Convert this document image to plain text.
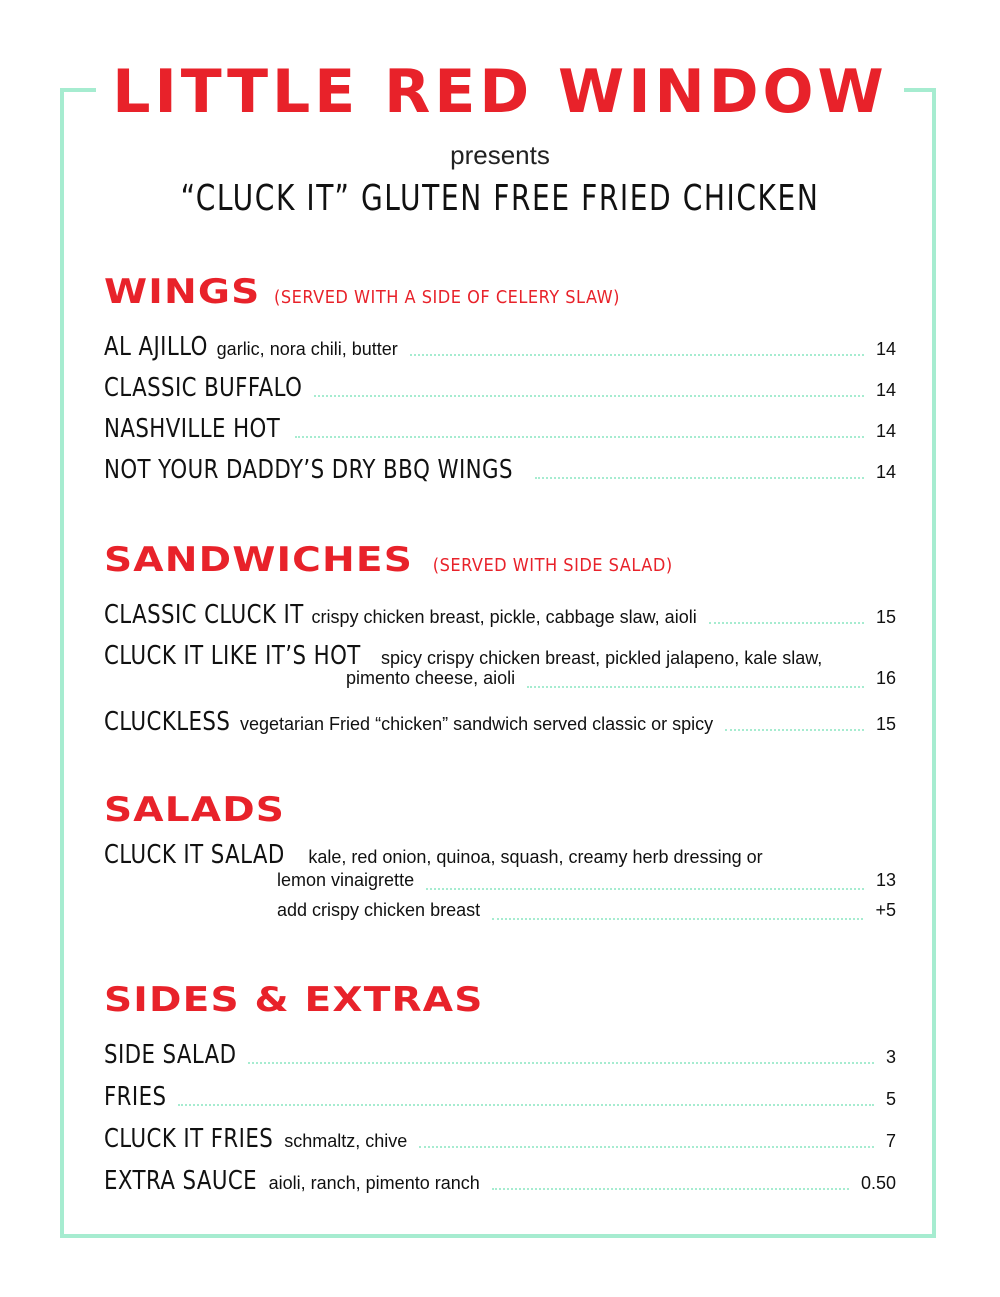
LITTLE RED WINDOW
presents
“CLUCK IT” GLUTEN FREE FRIED CHICKEN
WINGS (SERVED WITH A SIDE OF CELERY SLAW)
AL AJILLO garlic, nora chili, butter	14
CLASSIC BUFFALO	14
NASHVILLE HOT	14
NOT YOUR DADDY’S DRY BBQ WINGS	14
SANDWICHES (SERVED WITH SIDE SALAD)
CLASSIC CLUCK IT crispy chicken breast, pickle, cabbage slaw, aioli	15
CLUCK IT LIKE IT’S HOT spicy crispy chicken breast, pickled jalapeno, kale slaw,
pimento cheese, aioli	16
CLUCKLESS vegetarian Fried “chicken” sandwich served classic or spicy	15
SALADS
CLUCK IT SALAD kale, red onion, quinoa, squash, creamy herb dressing or
lemon vinaigrette	13
add crispy chicken breast	+5
SIDES & EXTRAS
SIDE SALAD	3
FRIES	5
CLUCK IT FRIES schmaltz, chive	7
EXTRA SAUCE aioli, ranch, pimento ranch	0.50
